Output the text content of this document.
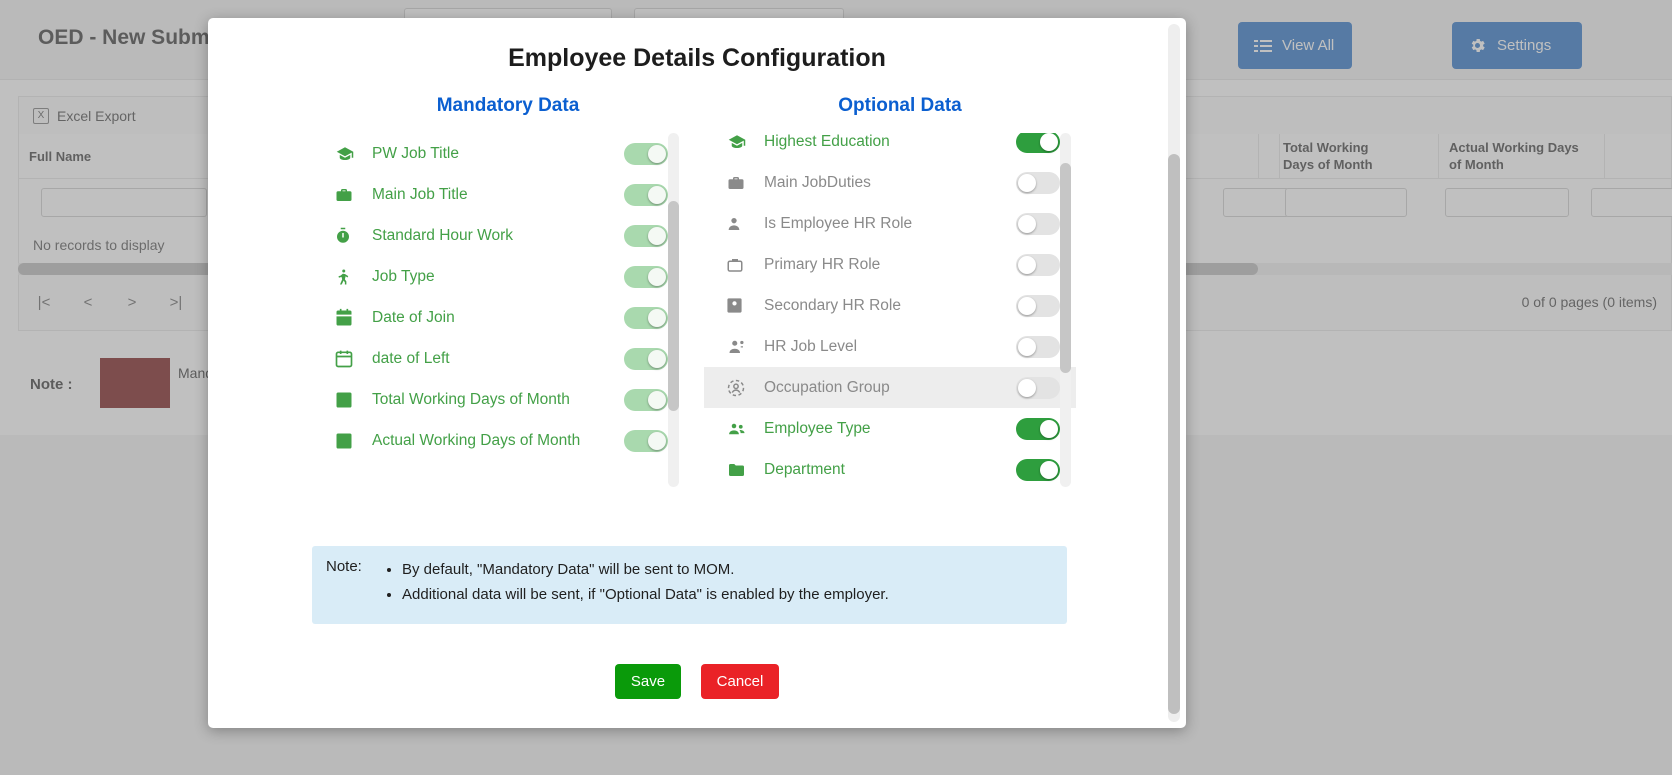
Employee Details Configuration
Mandatory Data
PW Job Title
Main Job Title
Standard Hour Work
Job Type
Date of Join
date of Left
Total Working Days of Month
Actual Working Days of Month
Optional Data
Highest Education
Main JobDuties
Is Employee HR Role
Primary HR Role
Secondary HR Role
HR Job Level
Occupation Group
Employee Type
Department
Note:	• By default, "Mandatory Data" will be sent to MOM.
• Additional data will be sent, if "Optional Data" is enabled by the employer.
Save	Cancel
